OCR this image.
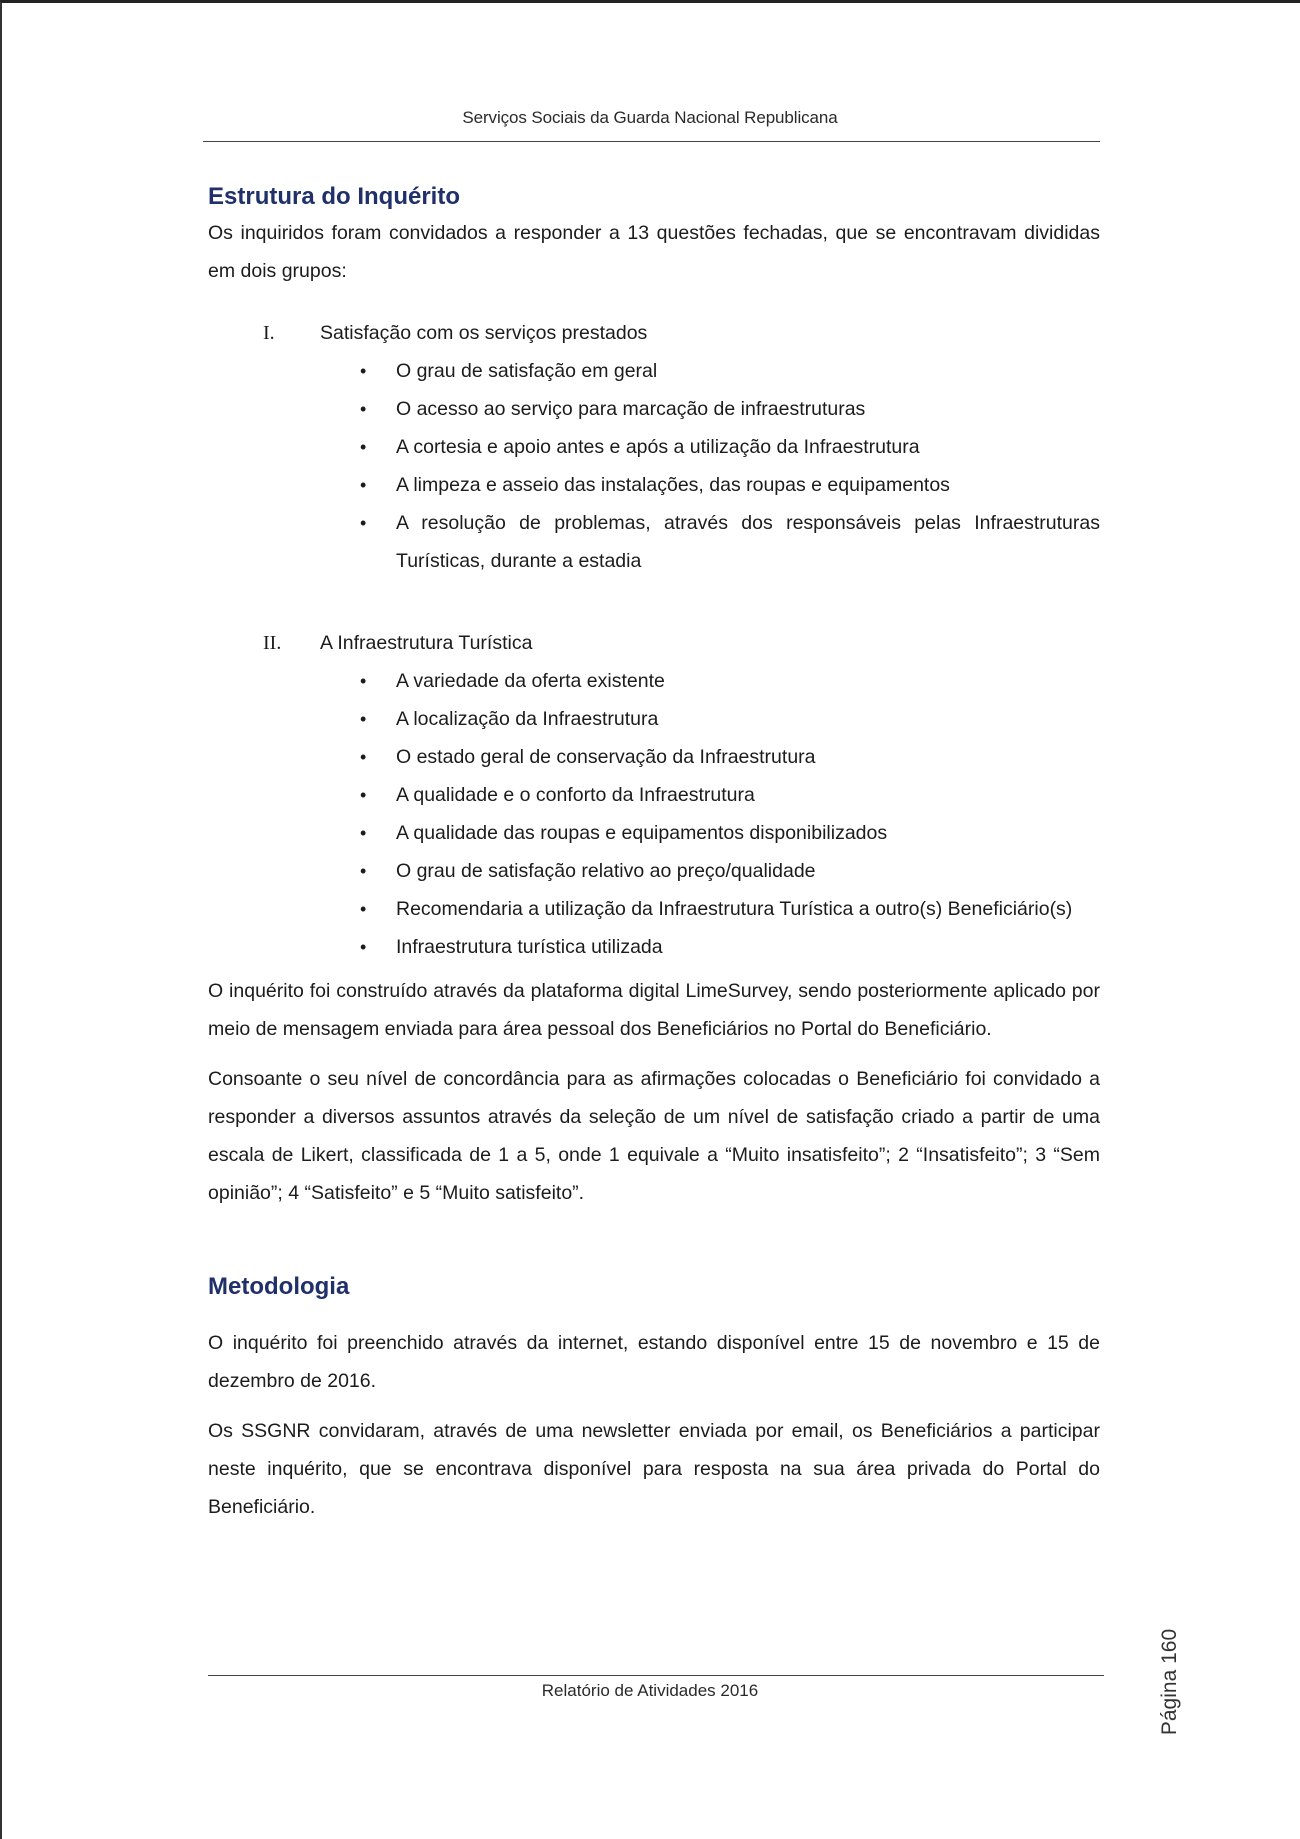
Serviços Sociais da Guarda Nacional Republicana
Estrutura do Inquérito

Os inquiridos foram convidados a responder a 13 questões fechadas, que se encontravam divididas em dois grupos:

I.	Satisfação com os serviços prestados
• O grau de satisfação em geral
• O acesso ao serviço para marcação de infraestruturas
• A cortesia e apoio antes e após a utilização da Infraestrutura
• A limpeza e asseio das instalações, das roupas e equipamentos
• A resolução de problemas, através dos responsáveis pelas Infraestruturas Turísticas, durante a estadia
II.	A Infraestrutura Turística
• A variedade da oferta existente
• A localização da Infraestrutura
• O estado geral de conservação da Infraestrutura
• A qualidade e o conforto da Infraestrutura
• A qualidade das roupas e equipamentos disponibilizados
• O grau de satisfação relativo ao preço/qualidade
• Recomendaria a utilização da Infraestrutura Turística a outro(s) Beneficiário(s)
• Infraestrutura turística utilizada

O inquérito foi construído através da plataforma digital LimeSurvey, sendo posteriormente aplicado por meio de mensagem enviada para área pessoal dos Beneficiários no Portal do Beneficiário.

Consoante o seu nível de concordância para as afirmações colocadas o Beneficiário foi convidado a responder a diversos assuntos através da seleção de um nível de satisfação criado a partir de uma escala de Likert, classificada de 1 a 5, onde 1 equivale a “Muito insatisfeito”; 2 “Insatisfeito”; 3 “Sem opinião”; 4 “Satisfeito” e 5 “Muito satisfeito”.

Metodologia

O inquérito foi preenchido através da internet, estando disponível entre 15 de novembro e 15 de dezembro de 2016.

Os SSGNR convidaram, através de uma newsletter enviada por email, os Beneficiários a participar neste inquérito, que se encontrava disponível para resposta na sua área privada do Portal do Beneficiário.

Página 160
Relatório de Atividades 2016
